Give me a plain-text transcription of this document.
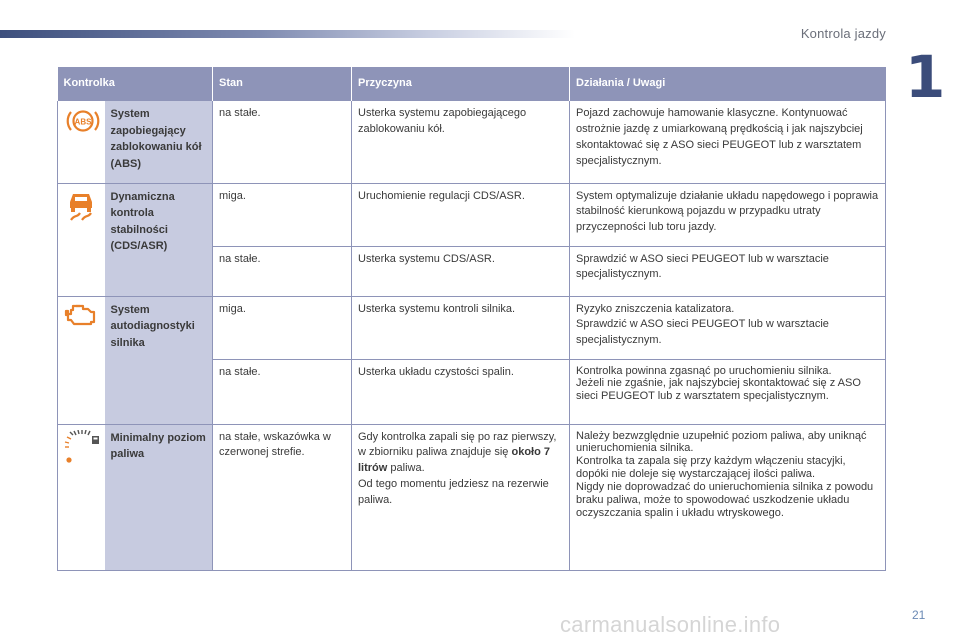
Kontrola jazdy
1
Kontrolka		Stan	Przyczyna	Działania / Uwagi

ABS	System zapobiegający zablokowaniu kół (ABS)	na stałe.	Usterka systemu zapobiegającego zablokowaniu kół.	Pojazd zachowuje hamowanie klasyczne. Kontynuować ostrożnie jazdę z umiarkowaną prędkością i jak najszybciej skontaktować się z ASO sieci PEUGEOT lub z warsztatem specjalistycznym.
	Dynamiczna kontrola stabilności (CDS/ASR)	miga.	Uruchomienie regulacji CDS/ASR.	System optymalizuje działanie układu napędowego i poprawia stabilność kierunkową pojazdu w przypadku utraty przyczepności lub toru jazdy.
		na stałe.	Usterka systemu CDS/ASR.	Sprawdzić w ASO sieci PEUGEOT lub w warsztacie specjalistycznym.
	System autodiagnostyki silnika	miga.	Usterka systemu kontroli silnika.	Ryzyko zniszczenia katalizatora.
Sprawdzić w ASO sieci PEUGEOT lub w warsztacie specjalistycznym.

		na stałe.	Usterka układu czystości spalin.	Kontrolka powinna zgasnąć po uruchomieniu silnika.
Jeżeli nie zgaśnie, jak najszybciej skontaktować się z ASO sieci PEUGEOT lub z warsztatem specjalistycznym.

	Minimalny poziom paliwa	na stałe, wskazówka w czerwonej strefie.	Gdy kontrolka zapali się po raz pierwszy, w zbiorniku paliwa znajduje się około 7 litrów paliwa.
Od tego momentu jedziesz na rezerwie paliwa.	Należy bezwzględnie uzupełnić poziom paliwa, aby uniknąć unieruchomienia silnika.
Kontrolka ta zapala się przy każdym włączeniu stacyjki, dopóki nie doleje się wystarczającej ilości paliwa.
Nigdy nie doprowadzać do unieruchomienia silnika z powodu braku paliwa, może to spowodować uszkodzenie układu oczyszczania spalin i układu wtryskowego.
21
carmanualsonline.info
